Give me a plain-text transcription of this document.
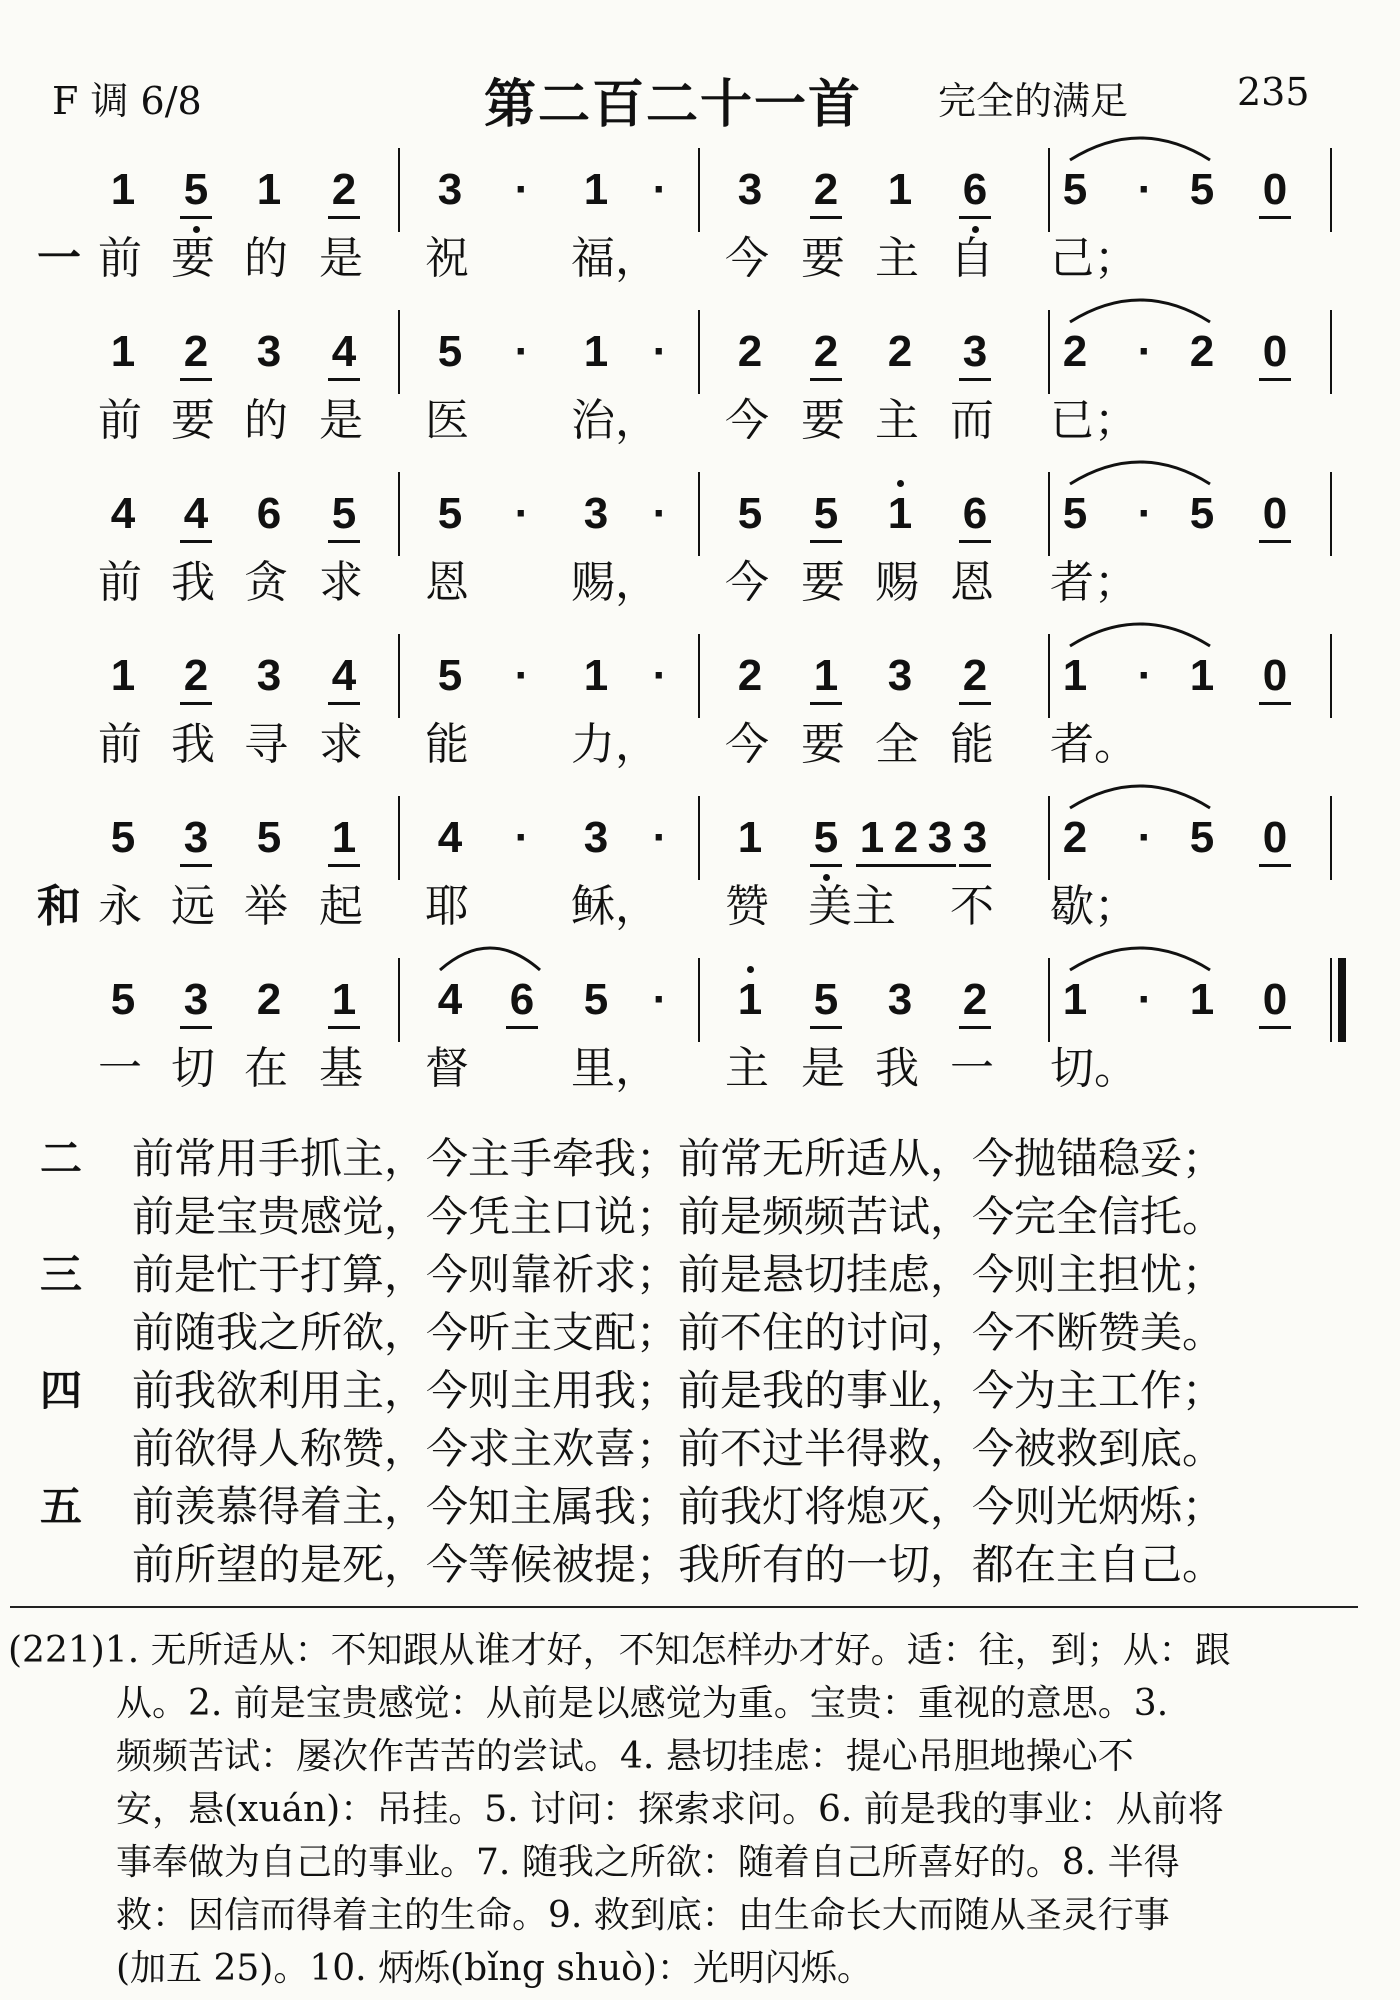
F 调 6/8	第二百二十一首 完全的满足	235
一
1 5 1 2 3	·	1	·	3 2 1 6 5	· 5 0
前 要 的 是 祝 福， 今 要 主 自 己；
1 2 3 4 5	·	1	·	2 2 2 3 2	· 2 0
前 要 的 是 医 治， 今 要 主 而 已；
4 4 6 5 5	·	3	·	5 5 1 6 5	· 5 0
前 我 贪 求 恩 赐， 今 要 赐 恩 者；
1 2 3 4 5	·	1	·	2 1 3 2 1	· 1 0
前 我 寻 求 能 力， 今 要 全 能 者。
和
5 3 5 1 4	·	3	·	1 5 1 2 3 3 2	· 5 0
永 远 举 起 耶 稣， 赞 美主 不 歇；
5 3 2 1 4 6 5	·	1 5 3 2 1	· 1 0
一 切 在 基 督 里， 主 是 我 一 切。
二	前常用手抓主，今主手牵我；前常无所适从，今抛锚稳妥；
前是宝贵感觉，今凭主口说；前是频频苦试，今完全信托。
三	前是忙于打算，今则靠祈求；前是悬切挂虑，今则主担忧；
前随我之所欲，今听主支配；前不住的讨问，今不断赞美。
四	前我欲利用主，今则主用我；前是我的事业，今为主工作；
前欲得人称赞，今求主欢喜；前不过半得救，今被救到底。
五	前羡慕得着主，今知主属我；前我灯将熄灭，今则光炳烁；
前所望的是死，今等候被提；我所有的一切，都在主自己。
(221)1. 无所适从：不知跟从谁才好，不知怎样办才好。适：往，到；从：跟
从。2. 前是宝贵感觉：从前是以感觉为重。宝贵：重视的意思。3.
频频苦试：屡次作苦苦的尝试。4. 悬切挂虑：提心吊胆地操心不
安，悬(xuán)：吊挂。5. 讨问：探索求问。6. 前是我的事业：从前将
事奉做为自己的事业。7. 随我之所欲：随着自己所喜好的。8. 半得
救：因信而得着主的生命。9. 救到底：由生命长大而随从圣灵行事
(加五 25)。10. 炳烁(bǐng shuò)：光明闪烁。
